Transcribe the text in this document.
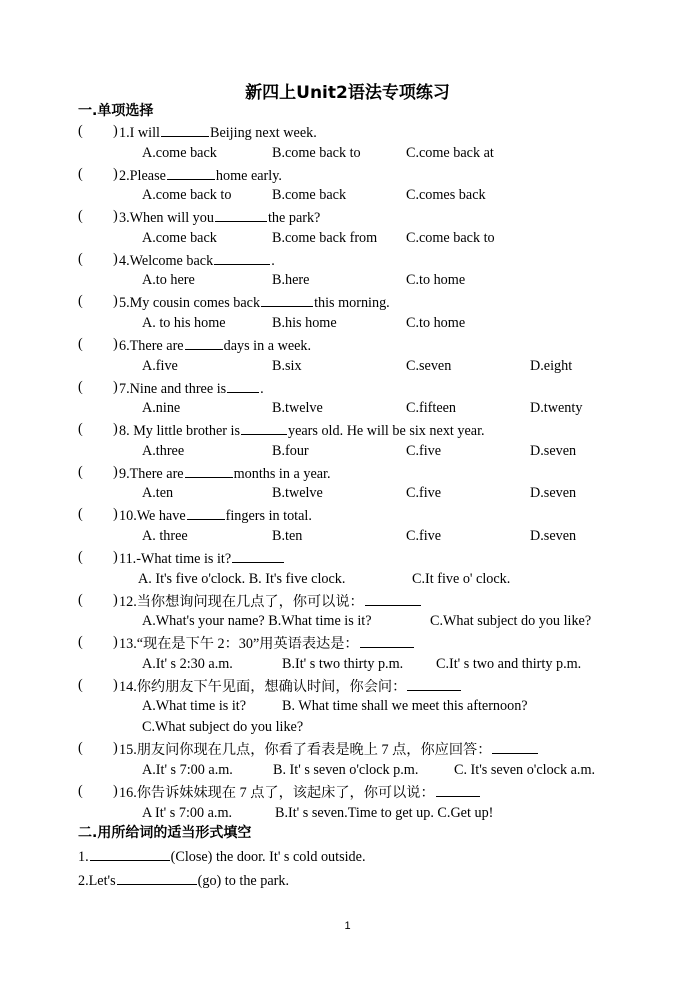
新四上Unit2语法专项练习
一.单项选择
( ) 1.I will	Beijing next week.
A.come back	B.come back to	C.come back at
( ) 2.Please	home early.
A.come back to	B.come back	C.comes back
( ) 3.When will you	the park?
A.come back	B.come back from C.come back to
( ) 4.Welcome back	.
A.to here	B.here	C.to home
( ) 5.My cousin comes back	this morning.
A. to his home	B.his home	C.to home
( ) 6.There are	days in a week.
A.five	B.six	C.seven	D.eight
( ) 7.Nine and three is .
A.nine	B.twelve	C.fifteen	D.twenty
( ) 8. My little brother is	years old. He will be six next year.
A.three	B.four	C.five	D.seven
( ) 9.There are	months in a year.
A.ten	B.twelve	C.five	D.seven
( ) 10.We have	fingers in total.
A. three	B.ten	C.five	D.seven
( ) 11.-What time is it?
A. It's five o'clock. B. It's five clock.	C.It five o' clock.
( ) 12.当你想询问现在几点了，你可以说：
A.What's your name? B.What time is it?	C.What subject do you like?
( ) 13.“现在是下午 2：30”用英语表达是：
A.It' s 2:30 a.m.	B.It' s two thirty p.m. C.It' s two and thirty p.m.
( ) 14.你约朋友下午见面，想确认时间，你会问：
A.What time is it?	B. What time shall we meet this afternoon?
C.What subject do you like?
( ) 15.朋友问你现在几点，你看了看表是晚上 7 点，你应回答：
A.It' s 7:00 a.m.	B. It' s seven o'clock p.m.	C. It's seven o'clock a.m.
( ) 16.你告诉妹妹现在 7 点了，该起床了，你可以说：
A It' s 7:00 a.m.	B.It' s seven.Time to get up. C.Get up!
二.用所给词的适当形式填空
1.	(Close) the door. It' s cold outside.
2.Let's	(go) to the park.
1
